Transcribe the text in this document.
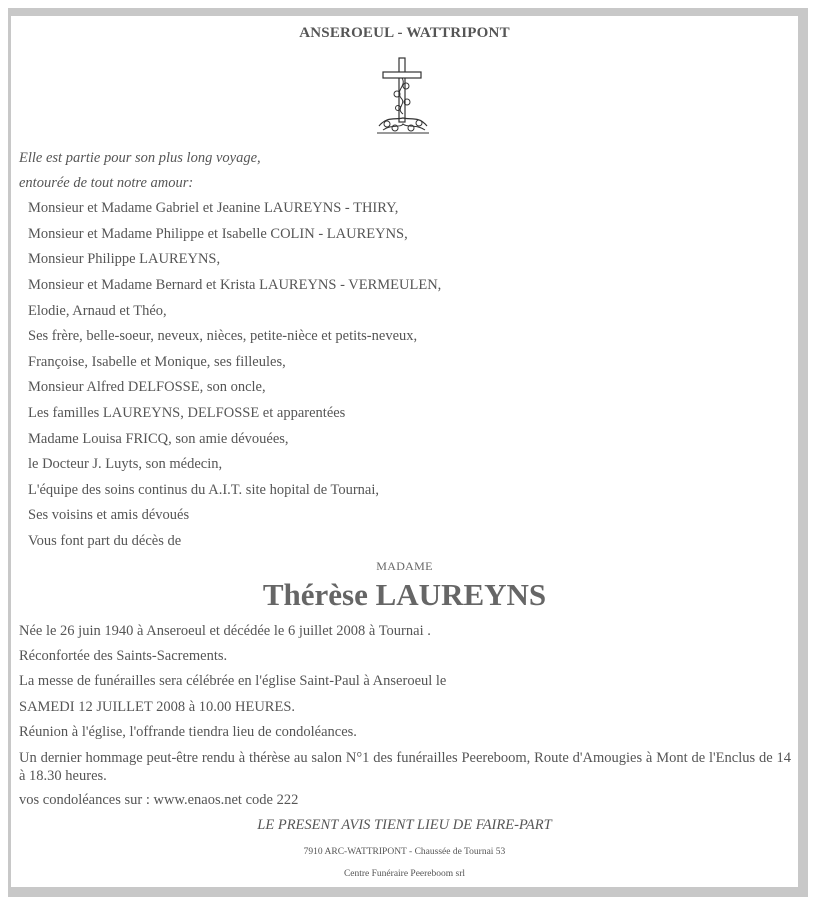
ANSEROEUL - WATTRIPONT
Elle est partie pour son plus long voyage,
entourée de tout notre amour:
Monsieur et Madame Gabriel et Jeanine LAUREYNS - THIRY,
Monsieur et Madame Philippe et Isabelle COLIN - LAUREYNS,
Monsieur Philippe LAUREYNS,
Monsieur et Madame Bernard et Krista LAUREYNS - VERMEULEN,
Elodie, Arnaud et Théo,
Ses frère, belle-soeur, neveux, nièces, petite-nièce et petits-neveux,
Françoise, Isabelle et Monique, ses filleules,
Monsieur Alfred DELFOSSE, son oncle,
Les familles LAUREYNS, DELFOSSE et apparentées
Madame Louisa FRICQ, son amie dévouées,
le Docteur J. Luyts, son médecin,
L'équipe des soins continus du A.I.T. site hopital de Tournai,
Ses voisins et amis dévoués
Vous font part du décès de
MADAME
Thérèse LAUREYNS
Née le 26 juin 1940 à Anseroeul et décédée le 6 juillet 2008 à Tournai .
Réconfortée des Saints-Sacrements.
La messe de funérailles sera célébrée en l'église Saint-Paul à Anseroeul le
SAMEDI 12 JUILLET 2008 à 10.00 HEURES.
Réunion à l'église, l'offrande tiendra lieu de condoléances.
Un dernier hommage peut-être rendu à thérèse au salon N°1 des funérailles Peereboom, Route d'Amougies à Mont de l'Enclus de 14 à 18.30 heures.
vos condoléances sur : www.enaos.net code 222
LE PRESENT AVIS TIENT LIEU DE FAIRE-PART
7910 ARC-WATTRIPONT - Chaussée de Tournai 53
Centre Funéraire Peereboom srl
